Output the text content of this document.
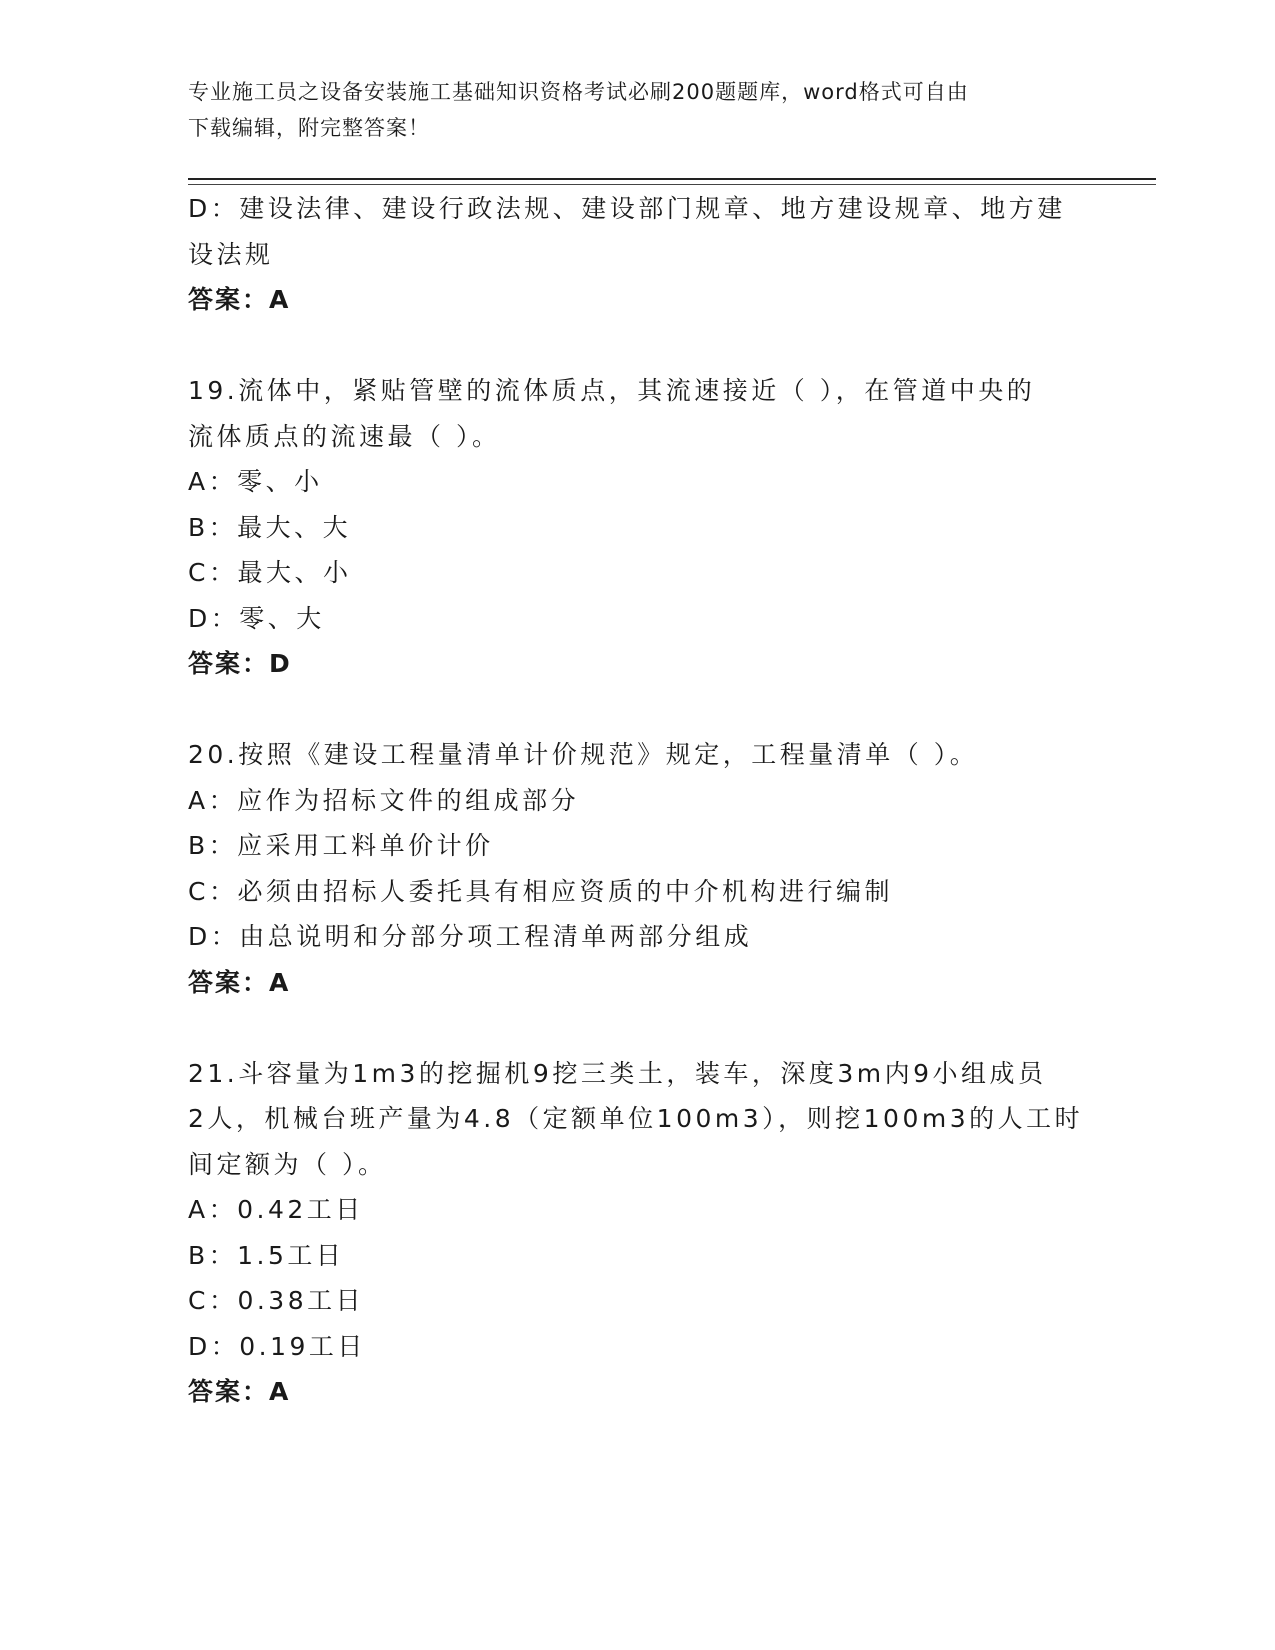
专业施工员之设备安装施工基础知识资格考试必刷200题题库，word格式可自由
下载编辑，附完整答案！
D：建设法律、建设行政法规、建设部门规章、地方建设规章、地方建
设法规
答案：A
19.流体中，紧贴管壁的流体质点，其流速接近（ ），在管道中央的
流体质点的流速最（ ）。
A：零、小
B：最大、大
C：最大、小
D：零、大
答案：D
20.按照《建设工程量清单计价规范》规定，工程量清单（ ）。
A：应作为招标文件的组成部分
B：应采用工料单价计价
C：必须由招标人委托具有相应资质的中介机构进行编制
D：由总说明和分部分项工程清单两部分组成
答案：A
21.斗容量为1m3的挖掘机9挖三类土，装车，深度3m内9小组成员
2人，机械台班产量为4.8（定额单位100m3），则挖100m3的人工时
间定额为（ ）。
A：0.42工日
B：1.5工日
C：0.38工日
D：0.19工日
答案：A
